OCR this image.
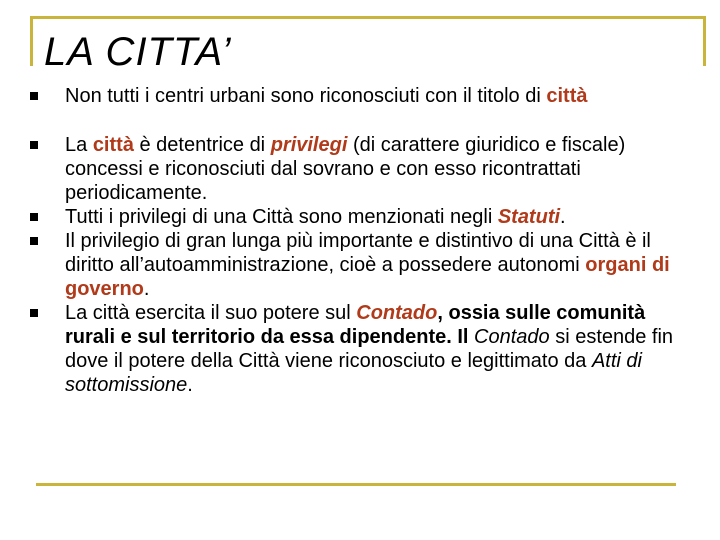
LA CITTA’
Non tutti i centri urbani sono riconosciuti con il titolo di città
La città è detentrice di privilegi (di carattere giuridico e fiscale) concessi e riconosciuti dal sovrano e con esso ricontrattati periodicamente.
Tutti i privilegi di una Città sono menzionati negli Statuti.
Il privilegio di gran lunga più importante e distintivo di una Città è il diritto all’autoamministrazione, cioè a possedere autonomi organi di governo.
La città esercita il suo potere sul Contado, ossia sulle comunità rurali e sul territorio da essa dipendente. Il Contado si estende fin dove il potere della Città viene riconosciuto e legittimato da Atti di sottomissione.
